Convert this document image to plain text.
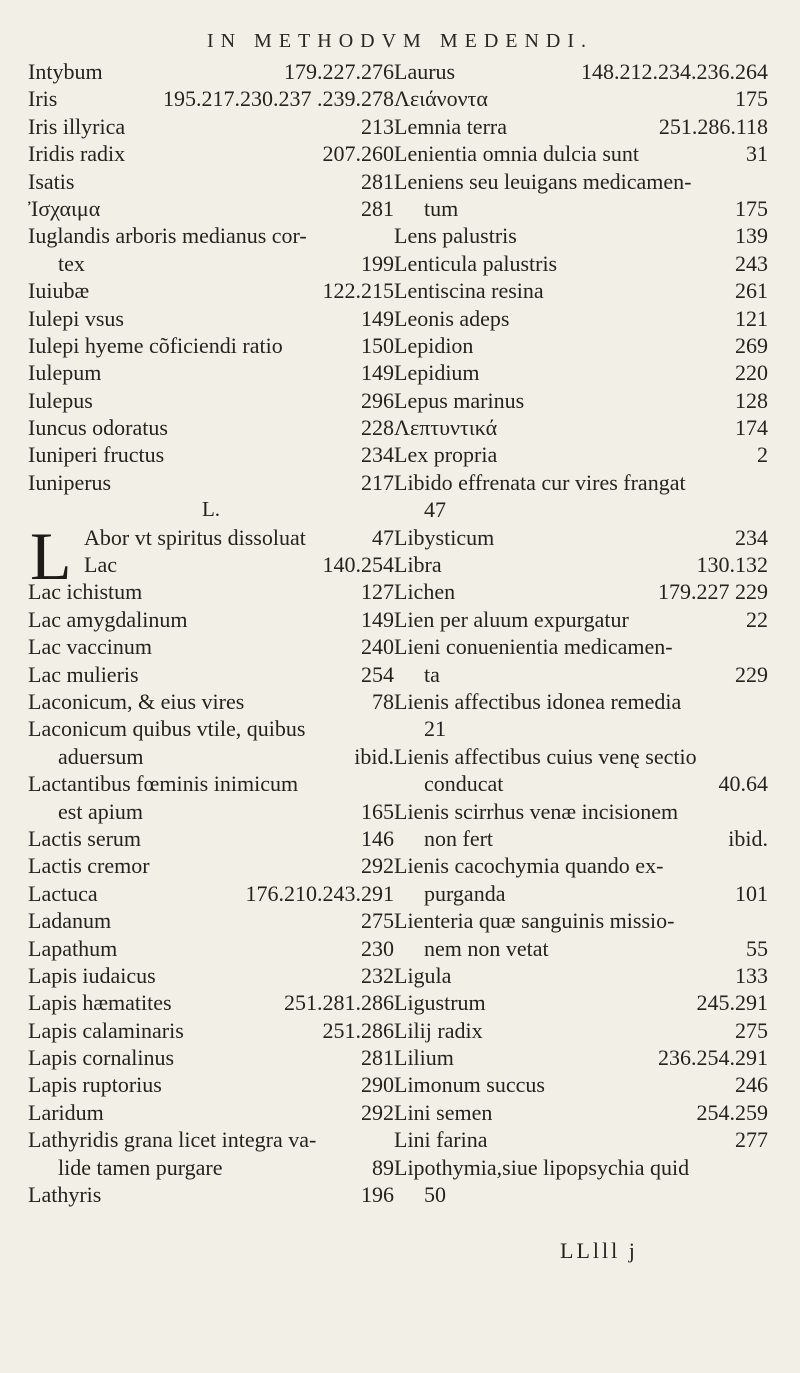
IN METHODVM MEDENDI.
L
Intybum	179.227.276
Iris	195.217.230.237 .239.278
Iris illyrica	213
Iridis radix	207.260
Isatis	281
Ἰσχαιμα	281
Iuglandis arboris medianus cor-
tex	199
Iuiubæ	122.215
Iulepi vsus	149
Iulepi hyeme cõficiendi ratio	150
Iulepum	149
Iulepus	296
Iuncus odoratus	228
Iuniperi fructus	234
Iuniperus	217
L.
Abor vt spiritus dissoluat	47
Lac	140.254
Lac ichistum	127
Lac amygdalinum	149
Lac vaccinum	240
Lac mulieris	254
Laconicum, & eius vires	78
Laconicum quibus vtile, quibus
aduersum	ibid.
Lactantibus fœminis inimicum
est apium	165
Lactis serum	146
Lactis cremor	292
Lactuca	176.210.243.291
Ladanum	275
Lapathum	230
Lapis iudaicus	232
Lapis hæmatites	251.281.286
Lapis calaminaris	251.286
Lapis cornalinus	281
Lapis ruptorius	290
Laridum	292
Lathyridis grana licet integra va-
lide tamen purgare	89
Lathyris	196
Laurus	148.212.234.236.264
Λειάνοντα	175
Lemnia terra	251.286.118
Lenientia omnia dulcia sunt	31
Leniens seu leuigans medicamen-
tum	175
Lens palustris	139
Lenticula palustris	243
Lentiscina resina	261
Leonis adeps	121
Lepidion	269
Lepidium	220
Lepus marinus	128
Λεπτυντικά	174
Lex propria	2
Libido effrenata cur vires frangat
47
Libysticum	234
Libra	130.132
Lichen	179.227 229
Lien per aluum expurgatur	22
Lieni conuenientia medicamen-
ta	229
Lienis affectibus idonea remedia
21
Lienis affectibus cuius venę sectio
conducat	40.64
Lienis scirrhus venæ incisionem
non fert	ibid.
Lienis cacochymia quando ex-
purganda	101
Lienteria quæ sanguinis missio-
nem non vetat	55
Ligula	133
Ligustrum	245.291
Lilij radix	275
Lilium	236.254.291
Limonum succus	246
Lini semen	254.259
Lini farina	277
Lipothymia,siue lipopsychia quid
50
LLlll j
